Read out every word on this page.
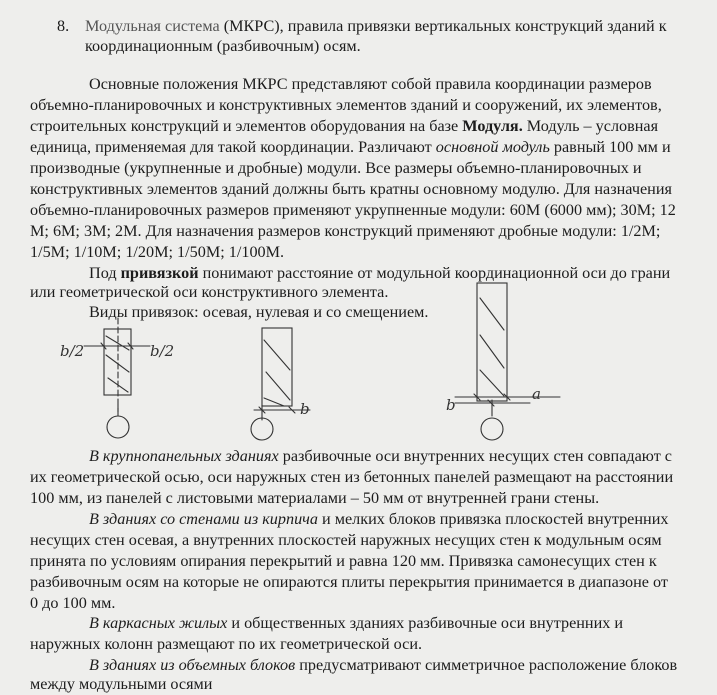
8. Модульная система (МКРС), правила привязки вертикальных конструкций зданий к
координационным (разбивочным) осям.
Основные положения МКРС представляют собой правила координации размеров
объемно-планировочных и конструктивных элементов зданий и сооружений, их элементов,
строительных конструкций и элементов оборудования на базе Модуля. Модуль – условная
единица, применяемая для такой координации. Различают основной модуль равный 100 мм и
производные (укрупненные и дробные) модули. Все размеры объемно-планировочных и
конструктивных элементов зданий должны быть кратны основному модулю. Для назначения
объемно-планировочных размеров применяют укрупненные модули: 60М (6000 мм); 30М; 12
М; 6М; 3М; 2М. Для назначения размеров конструкций применяют дробные модули: 1/2М;
1/5М; 1/10М; 1/20М; 1/50М; 1/100М.
Под привязкой понимают расстояние от модульной координационной оси до грани
или геометрической оси конструктивного элемента.
Виды привязок: осевая, нулевая и со смещением.
b/2	b/2
b	b
a
В крупнопанельных зданиях разбивочные оси внутренних несущих стен совпадают с
их геометрической осью, оси наружных стен из бетонных панелей размещают на расстоянии
100 мм, из панелей с листовыми материалами – 50 мм от внутренней грани стены.
В зданиях со стенами из кирпича и мелких блоков привязка плоскостей внутренних
несущих стен осевая, а внутренних плоскостей наружных несущих стен к модульным осям
принята по условиям опирания перекрытий и равна 120 мм. Привязка самонесущих стен к
разбивочным осям на которые не опираются плиты перекрытия принимается в диапазоне от
0 до 100 мм.
В каркасных жилых и общественных зданиях разбивочные оси внутренних и
наружных колонн размещают по их геометрической оси.
В зданиях из объемных блоков предусматривают симметричное расположение блоков
между модульными осями
